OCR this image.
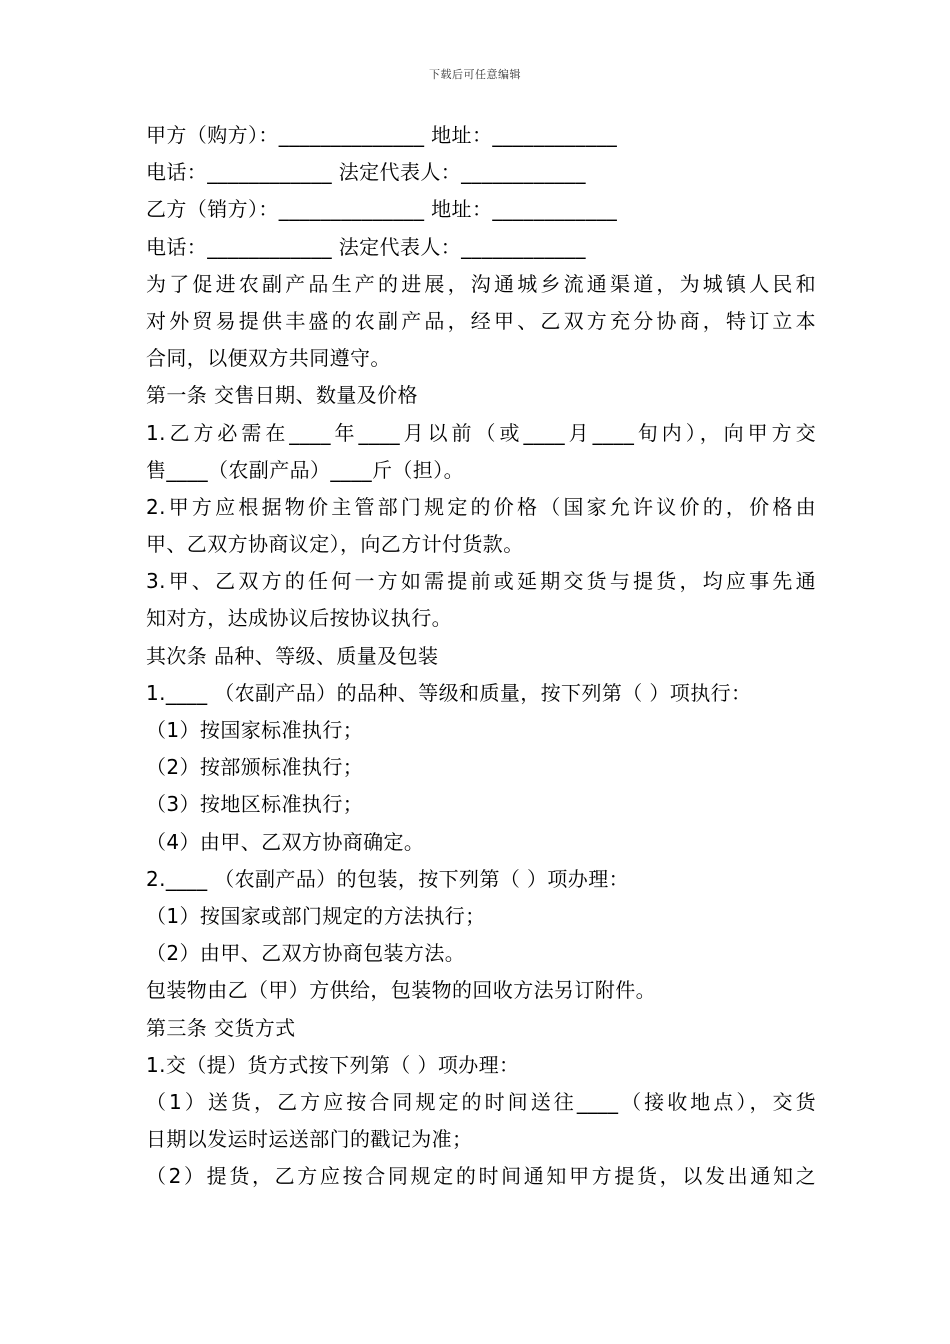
下载后可任意编辑
甲方（购方）：______________ 地址：____________
电话：____________ 法定代表人：____________
乙方（销方）：______________ 地址：____________
电话：____________ 法定代表人：____________
为了促进农副产品生产的进展，沟通城乡流通渠道，为城镇人民和
对外贸易提供丰盛的农副产品，经甲、乙双方充分协商，特订立本
合同，以便双方共同遵守。
第一条 交售日期、数量及价格
1.乙方必需在____年____月以前（或____月____旬内），向甲方交
售____（农副产品）____斤（担）。
2.甲方应根据物价主管部门规定的价格（国家允许议价的，价格由
甲、乙双方协商议定），向乙方计付货款。
3.甲、乙双方的任何一方如需提前或延期交货与提货，均应事先通
知对方，达成协议后按协议执行。
其次条 品种、等级、质量及包装
1.____ （农副产品）的品种、等级和质量，按下列第（ ）项执行：
（1）按国家标准执行；
（2）按部颁标准执行；
（3）按地区标准执行；
（4）由甲、乙双方协商确定。
2.____ （农副产品）的包装，按下列第（ ）项办理：
（1）按国家或部门规定的方法执行；
（2）由甲、乙双方协商包装方法。
包装物由乙（甲）方供给，包装物的回收方法另订附件。
第三条 交货方式
1.交（提）货方式按下列第（ ）项办理：
（1）送货，乙方应按合同规定的时间送往____（接收地点），交货
日期以发运时运送部门的戳记为准；
（2）提货，乙方应按合同规定的时间通知甲方提货，以发出通知之
